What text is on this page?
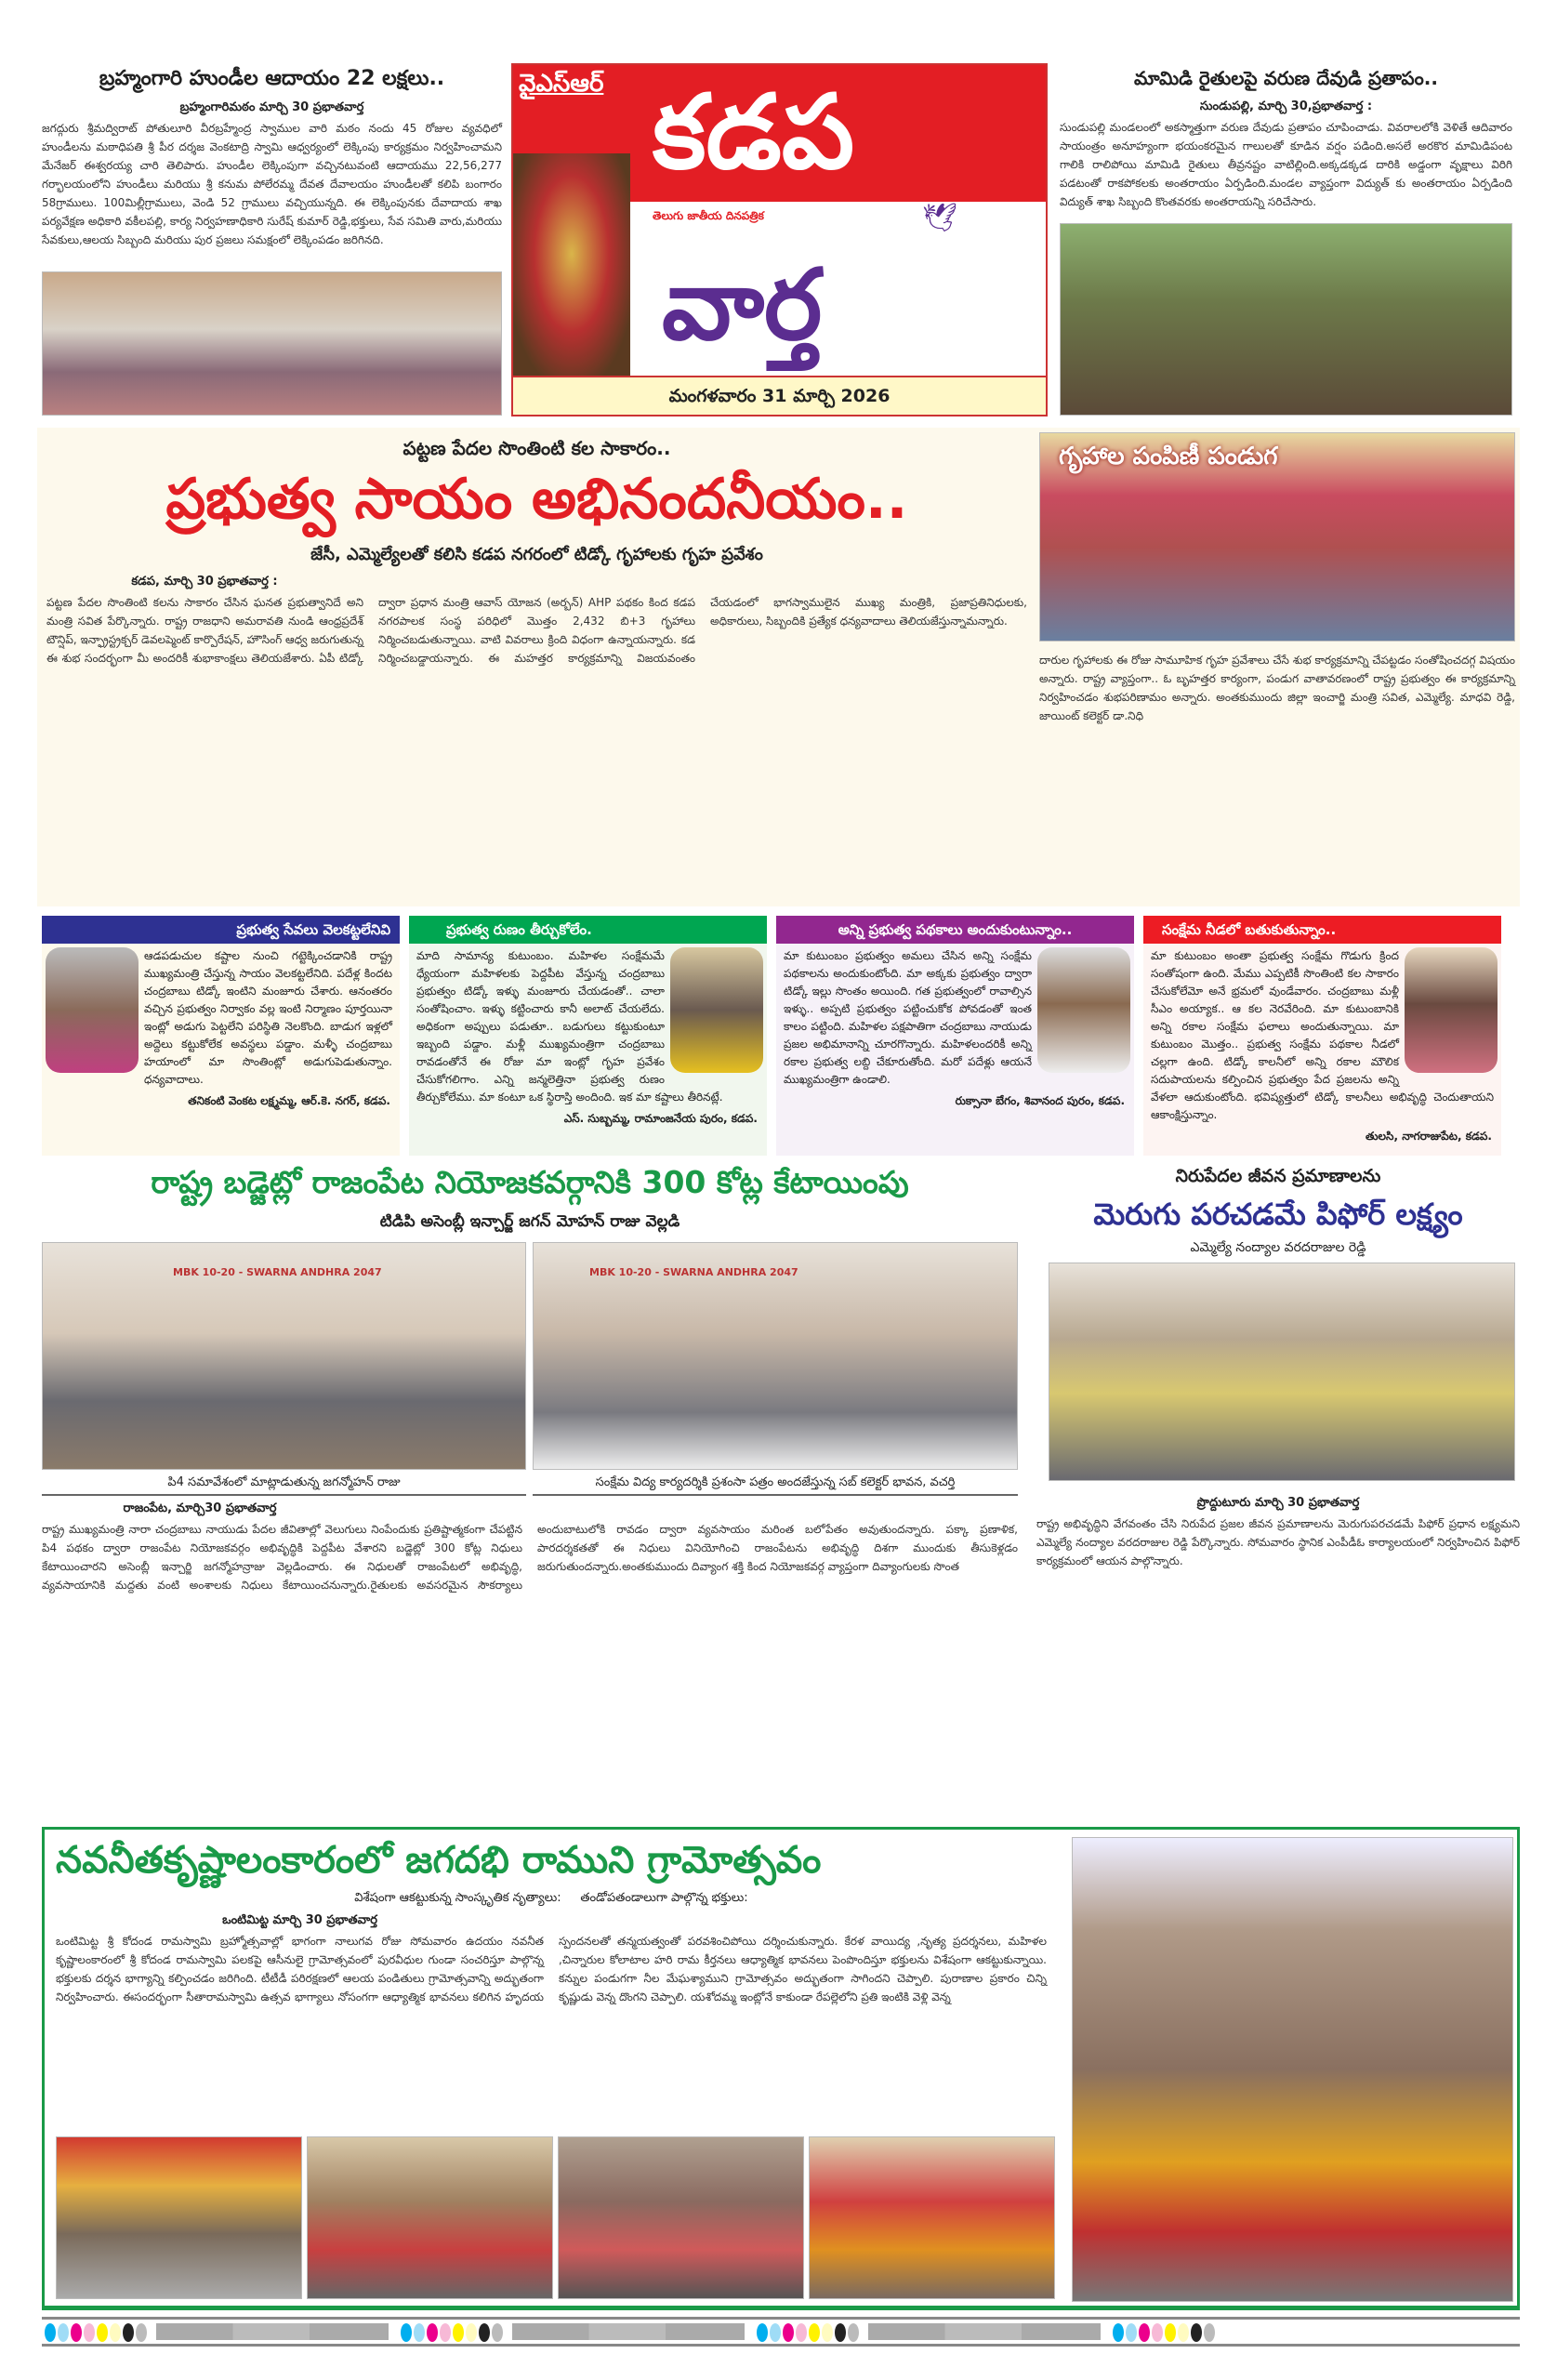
బ్రహ్మంగారి హుండీల ఆదాయం 22 లక్షలు..
బ్రహ్మంగారిమఠం మార్చి 30 ప్రభాతవార్త
జగద్గురు శ్రీమద్విరాట్ పోతులూరి వీరబ్రహ్మేంద్ర స్వాముల వారి మఠం నందు 45 రోజుల వ్యవధిలో హుండీలను మఠాధిపతి శ్రీ పీర దర్శజ వెంకటాద్రి స్వామి ఆధ్వర్యంలో లెక్కింపు కార్యక్రమం నిర్వహించామని మేనేజర్ ఈశ్వరయ్య చారి తెలిపారు. హుండీల లెక్కింపుగా వచ్చినటువంటి ఆదాయము 22,56,277 గర్భాలయంలోని హుండీలు మరియు శ్రీ కనుమ పోలేరమ్మ దేవత దేవాలయం హుండీలతో కలిపి బంగారం 58గ్రాములు. 100మిల్లీగ్రాములు, వెండి 52 గ్రాములు వచ్చియున్నది. ఈ లెక్కింపునకు దేవాదాయ శాఖ పర్యవేక్షణ అధికారి వకీలపల్లి, కార్య నిర్వహణాధికారి సురేష్ కుమార్ రెడ్డి,భక్తులు, సేవ సమితి వారు,మరియు సేవకులు,ఆలయ సిబ్బంది మరియు పుర ప్రజలు సమక్షంలో లెక్కింపడం జరిగినది.
వైఎస్ఆర్ కడప
తెలుగు జాతీయ దినపత్రిక	🕊
వార్త
మంగళవారం 31 మార్చి 2026
మామిడి రైతులపై వరుణ దేవుడి ప్రతాపం..
సుండుపల్లి, మార్చి 30,ప్రభాతవార్త :
సుండుపల్లి మండలంలో అకస్మాత్తుగా వరుణ దేవుడు ప్రతాపం చూపించాడు. వివరాలలోకి వెళితే ఆదివారం సాయంత్రం అనూహ్యంగా భయంకరమైన గాలులతో కూడిన వర్షం పడింది.అసలే అరకొర మామిడిపంట గాలికి రాలిపోయి మామిడి రైతులు తీవ్రనష్టం వాటిల్లింది.అక్కడక్కడ దారికి అడ్డంగా వృక్షాలు విరిగి పడటంతో రాకపోకలకు అంతరాయం ఏర్పడింది.మండల వ్యాప్తంగా విద్యుత్ కు అంతరాయం ఏర్పడింది విద్యుత్ శాఖ సిబ్బంది కొంతవరకు అంతరాయన్ని సరిచేసారు.
పట్టణ పేదల సొంతింటి కల సాకారం..
ప్రభుత్వ సాయం అభినందనీయం..
జేసీ, ఎమ్మెల్యేలతో కలిసి కడప నగరంలో టిడ్కో గృహాలకు గృహ ప్రవేశం
కడప, మార్చి 30 ప్రభాతవార్త :
పట్టణ పేదల సొంతింటి కలను సాకారం చేసిన ఘనత ప్రభుత్వానిదే అని మంత్రి సవిత పేర్కొన్నారు. రాష్ట్ర రాజధాని అమరావతి నుండి ఆంధ్రప్రదేశ్ టౌన్షిప్, ఇన్ఫ్రాస్ట్రక్చర్ డెవలప్మెంట్ కార్పొరేషన్, హౌసింగ్ ఆధ్వ జరుగుతున్న ఈ శుభ సందర్భంగా మీ అందరికీ శుభాకాంక్షలు తెలియజేశారు. ఏపీ టిడ్కో ద్వారా ప్రధాన మంత్రి ఆవాస్ యోజన (అర్బన్) AHP పథకం కింద కడప నగరపాలక సంస్థ పరిధిలో మొత్తం 2,432 బి+3 గృహాలు నిర్మించబడుతున్నాయి. వాటి వివరాలు క్రింది విధంగా ఉన్నాయన్నారు. కడ నిర్మించబడ్డాయన్నారు. ఈ మహత్తర కార్యక్రమాన్ని విజయవంతం చేయడంలో భాగస్వాములైన ముఖ్య మంత్రికి, ప్రజాప్రతినిధులకు, అధికారులు, సిబ్బందికి ప్రత్యేక ధన్యవాదాలు తెలియజేస్తున్నామన్నారు.
గృహాల పంపిణీ పండుగ
దారుల గృహాలకు ఈ రోజు సామూహిక గృహ ప్రవేశాలు చేసే శుభ కార్యక్రమాన్ని చేపట్టడం సంతోషించదగ్గ విషయం అన్నారు. రాష్ట్ర వ్యాప్తంగా.. ఓ బృహత్తర కార్యంగా, పండుగ వాతావరణంలో రాష్ట్ర ప్రభుత్వం ఈ కార్యక్రమాన్ని నిర్వహించడం శుభపరిణామం అన్నారు. అంతకుముందు జిల్లా ఇంచార్జి మంత్రి సవిత, ఎమ్మెల్యే. మాధవి రెడ్డి, జాయింట్ కలెక్టర్ డా.నిధి
ప్రభుత్వ సేవలు వెలకట్టలేనివి
ఆడపడుచుల కష్టాల నుంచి గట్టెక్కించడానికి రాష్ట్ర ముఖ్యమంత్రి చేస్తున్న సాయం వెలకట్టలేనిది. పదేళ్ల కిందట చంద్రబాబు టిడ్కో ఇంటిని మంజూరు చేశారు. ఆనంతరం వచ్చిన ప్రభుత్వం నిర్వాకం వల్ల ఇంటి నిర్మాణం పూర్తయినా ఇంట్లో అడుగు పెట్టలేని పరిస్థితి నెలకొంది. బాడుగ ఇళ్లలో అద్దెలు కట్టుకోలేక అవస్థలు పడ్డాం. మళ్ళీ చంద్రబాబు హయాంలో మా సొంతింట్లో అడుగుపెడుతున్నాం. ధన్యవాదాలు.
తనికంటి వెంకట లక్ష్మమ్మ, ఆర్.కె. నగర్, కడప.
ప్రభుత్వ రుణం తీర్చుకోలేం.
మాది సామాన్య కుటుంబం. మహిళల సంక్షేమమే ధ్యేయంగా మహిళలకు పెద్దపీట వేస్తున్న చంద్రబాబు ప్రభుత్వం టిడ్కో ఇళ్ళు మంజూరు చేయడంతో.. చాలా సంతోషించాం. ఇళ్ళు కట్టించారు కానీ అలాట్ చేయలేదు. అధికంగా అప్పులు పడుతూ.. బడుగులు కట్టుకుంటూ ఇబ్బంది పడ్డాం. మళ్లీ ముఖ్యమంత్రిగా చంద్రబాబు రావడంతోనే ఈ రోజు మా ఇంట్లో గృహ ప్రవేశం చేసుకోగలిగాం. ఎన్ని జన్మలెత్తినా ప్రభుత్వ రుణం తీర్చుకోలేము. మా కంటూ ఒక స్థిరాస్తి అందింది. ఇక మా కష్టాలు తీరినట్లే.
ఎస్. సుబ్బమ్మ, రామాంజనేయ పురం, కడప.
అన్ని ప్రభుత్వ పథకాలు అందుకుంటున్నాం..
మా కుటుంబం ప్రభుత్వం అమలు చేసిన అన్ని సంక్షేమ పథకాలను అందుకుంటోంది. మా అక్కకు ప్రభుత్వం ద్వారా టిడ్కో ఇల్లు సొంతం అయింది. గత ప్రభుత్వంలో రావాల్సిన ఇళ్ళు.. అప్పటి ప్రభుత్వం పట్టించుకోక పోవడంతో ఇంత కాలం పట్టింది. మహిళల పక్షపాతిగా చంద్రబాబు నాయుడు ప్రజల అభిమానాన్ని చూరగొన్నారు. మహిళలందరికీ అన్ని రకాల ప్రభుత్వ లబ్ది చేకూరుతోంది. మరో పదేళ్లు ఆయనే ముఖ్యమంత్రిగా ఉండాలి.
రుక్సానా బేగం, శివానంద పురం, కడప.
సంక్షేమ నీడలో బతుకుతున్నాం..
మా కుటుంబం అంతా ప్రభుత్వ సంక్షేమ గొడుగు క్రింద సంతోషంగా ఉంది. మేము ఎప్పటికీ సొంతింటి కల సాకారం చేసుకోలేమో అనే భ్రమలో వుండేవారం. చంద్రబాబు మళ్లీ సీఎం అయ్యాక.. ఆ కల నెరవేరింది. మా కుటుంబానికి అన్ని రకాల సంక్షేమ ఫలాలు అందుతున్నాయి. మా కుటుంబం మొత్తం.. ప్రభుత్వ సంక్షేమ పథకాల నీడలో చల్లగా ఉంది. టిడ్కో కాలనీలో అన్ని రకాల మౌలిక సదుపాయలను కల్పించిన ప్రభుత్వం పేద ప్రజలను అన్ని వేళలా ఆదుకుంటోంది. భవిష్యత్తులో టిడ్కో కాలనీలు అభివృద్ధి చెందుతాయని ఆకాంక్షిస్తున్నాం.
తులసి, నాగరాజుపేట, కడప.
రాష్ట్ర బడ్జెట్లో రాజంపేట నియోజకవర్గానికి 300 కోట్ల కేటాయింపు
టిడిపి అసెంబ్లీ ఇన్చార్జ్ జగన్ మోహన్ రాజు వెల్లడి
MBK 10-20 - SWARNA ANDHRA 2047
పి4 సమావేశంలో మాట్లాడుతున్న జగన్మోహన్ రాజు
MBK 10-20 - SWARNA ANDHRA 2047
సంక్షేమ విద్య కార్యదర్శికి ప్రశంసా పత్రం అందజేస్తున్న సబ్ కలెక్టర్ భావన, వచర్తి
రాజంపేట, మార్చి30 ప్రభాతవార్త
రాష్ట్ర ముఖ్యమంత్రి నారా చంద్రబాబు నాయుడు పేదల జీవితాల్లో వెలుగులు నింపేందుకు ప్రతిష్టాత్మకంగా చేపట్టిన పి4 పథకం ద్వారా రాజంపేట నియోజకవర్గం అభివృద్ధికి పెద్దపీట వేశారని బడ్జెట్లో 300 కోట్ల నిధులు కేటాయించారని అసెంబ్లీ ఇన్చార్జి జగన్మోహన్రాజు వెల్లడించారు. ఈ నిధులతో రాజంపేటలో అభివృద్ధి, వ్యవసాయానికి మద్దతు వంటి అంశాలకు నిధులు కేటాయించనున్నారు.రైతులకు అవసరమైన సౌకర్యాలు అందుబాటులోకి రావడం ద్వారా వ్యవసాయం మరింత బలోపేతం అవుతుందన్నారు. పక్కా ప్రణాళిక, పారదర్శకతతో ఈ నిధులు వినియోగించి రాజంపేటను అభివృద్ధి దిశగా ముందుకు తీసుకెళ్లడం జరుగుతుందన్నారు.అంతకుముందు దివ్యాంగ శక్తి కింద నియోజకవర్గ వ్యాప్తంగా దివ్యాంగులకు సొంత
నిరుపేదల జీవన ప్రమాణాలను
మెరుగు పరచడమే పిఫోర్ లక్ష్యం
ఎమ్మెల్యే నంద్యాల వరదరాజుల రెడ్డి
ప్రొద్దుటూరు మార్చి 30 ప్రభాతవార్త
రాష్ట్ర అభివృద్ధిని వేగవంతం చేసి నిరుపేద ప్రజల జీవన ప్రమాణాలను మెరుగుపరచడమే పిఫోర్ ప్రధాన లక్ష్యమని ఎమ్మెల్యే నంద్యాల వరదరాజుల రెడ్డి పేర్కొన్నారు. సోమవారం స్థానిక ఎంపీడీఓ కార్యాలయంలో నిర్వహించిన పిఫోర్ కార్యక్రమంలో ఆయన పాల్గొన్నారు.
నవనీతకృష్ణాలంకారంలో జగదభి రాముని గ్రామోత్సవం
విశేషంగా ఆకట్టుకున్న సాంస్కృతిక నృత్యాలు: తండోపతండాలుగా పాల్గొన్న భక్తులు:
ఒంటిమిట్ట మార్చి 30 ప్రభాతవార్త
ఒంటిమిట్ట శ్రీ కోదండ రామస్వామి బ్రహ్మోత్సవాల్లో భాగంగా నాలుగవ రోజు సోమవారం ఉదయం నవనీత కృష్ణాలంకారంలో శ్రీ కోదండ రామస్వామి పలకపై ఆసీనులై గ్రామోత్సవంలో పురవీధుల గుండా సంచరిస్తూ పాల్గొన్న భక్తులకు దర్శన భాగ్యాన్ని కల్పించడం జరిగింది. టీటీడీ పరిరక్షణలో ఆలయ పండితులు గ్రామోత్సవాన్ని అద్భుతంగా నిర్వహించారు. ఈసందర్భంగా సీతారామస్వామి ఉత్సవ భాగ్యాలు నోసంగగా ఆధ్యాత్మిక భావనలు కలిగిన హృదయ స్పందనలతో తన్మయత్వంతో పరవశించిపోయి దర్శించుకున్నారు. కేరళ వాయిద్య ,నృత్య ప్రదర్శనలు, మహిళల ,చిన్నారుల కోలాటాల హరి రామ కీర్తనలు ఆధ్యాత్మిక భావనలు పెంపొందిస్తూ భక్తులను విశేషంగా ఆకట్టుకున్నాయి. కన్నుల పండుగగా నీల మేఘశ్యాముని గ్రామోత్సవం అద్భుతంగా సాగిందని చెప్పాలి. పురాణాల ప్రకారం చిన్ని కృష్ణుడు వెన్న దొంగని చెప్పాలి. యశోదమ్మ ఇంట్లోనే కాకుండా రేపల్లెలోని ప్రతి ఇంటికి వెళ్లి వెన్న
